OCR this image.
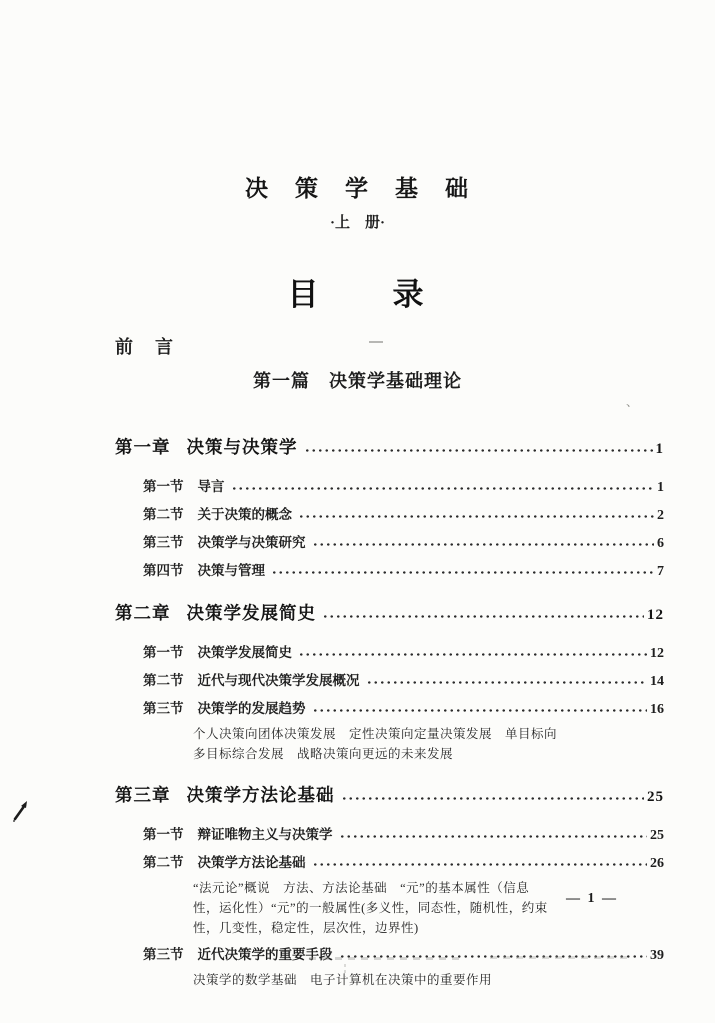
决　策　学　基　础
·上　册·
目　　录
前　言
第一篇　决策学基础理论
第一章 决策与决策学	1
第一节 导言	1
第二节 关于决策的概念	2
第三节 决策学与决策研究	6
第四节 决策与管理	7
第二章 决策学发展简史	12
第一节 决策学发展简史	12
第二节 近代与现代决策学发展概况	14
第三节 决策学的发展趋势	16
个人决策向团体决策发展　定性决策向定量决策发展　单目标向
多目标综合发展　战略决策向更远的未来发展
第三章 决策学方法论基础	25
第一节 辩证唯物主义与决策学	25
第二节 决策学方法论基础	26
“法元论”概说　方法、方法论基础　“元”的基本属性（信息
性，运化性）“元”的一般属性(多义性，同态性，随机性，约束
性，几变性，稳定性，层次性，边界性)
第三节 近代决策学的重要手段	39
决策学的数学基础　电子计算机在决策中的重要作用
— 1 —
、
